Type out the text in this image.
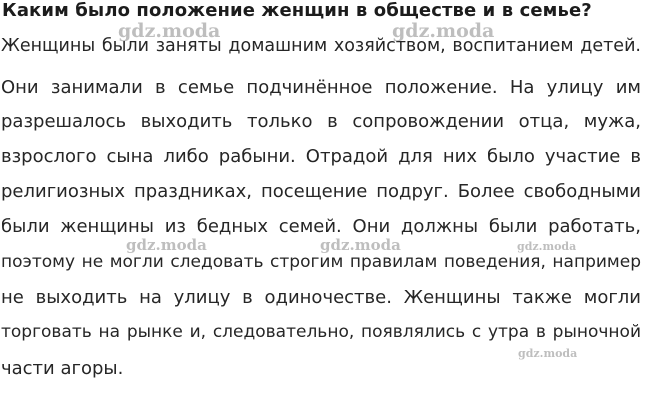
Каким было положение женщин в обществе и в семье?
Женщины были заняты домашним хозяйством, воспитанием детей.
Они занимали в семье подчинённое положение. На улицу им
разрешалось выходить только в сопровождении отца, мужа,
взрослого сына либо рабыни. Отрадой для них было участие в
религиозных праздниках, посещение подруг. Более свободными
были женщины из бедных семей. Они должны были работать,
поэтому не могли следовать строгим правилам поведения, например
не выходить на улицу в одиночестве. Женщины также могли
торговать на рынке и, следовательно, появлялись с утра в рыночной
части агоры.
gdz.moda	gdz.moda
gdz.moda	gdz.moda	gdz.moda
gdz.moda
